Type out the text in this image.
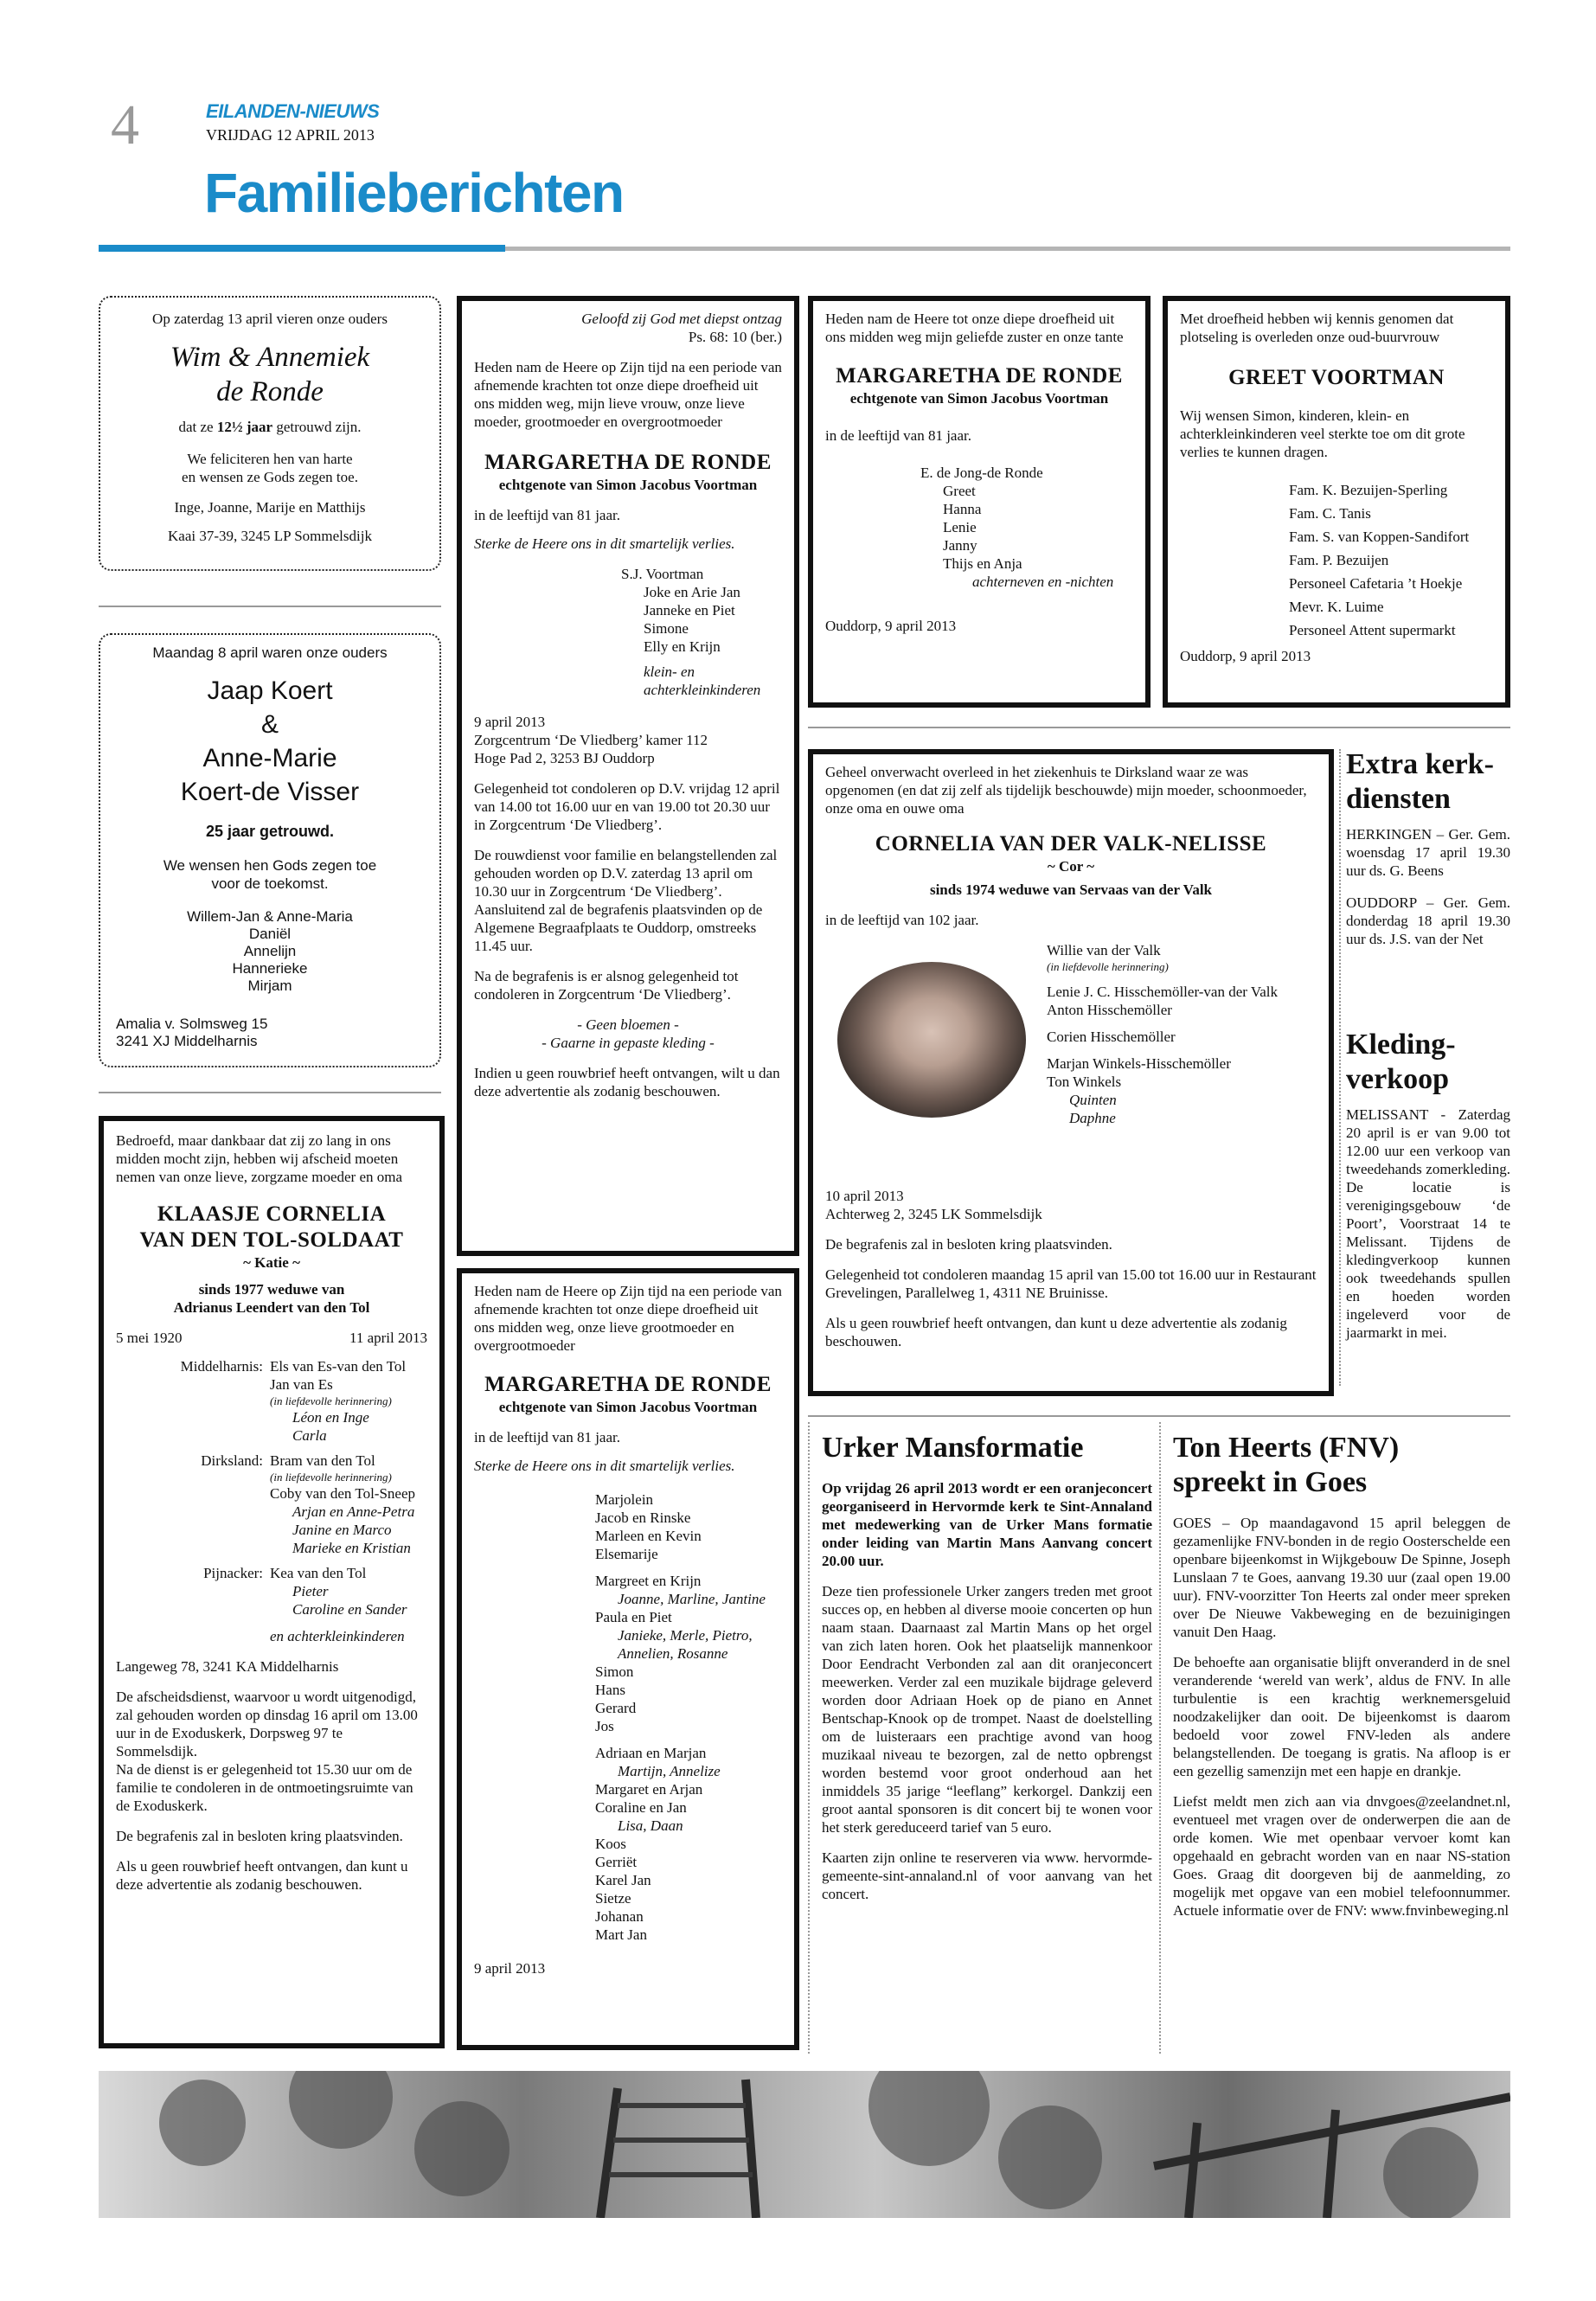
4	EILANDEN-NIEUWS
VRIJDAG 12 APRIL 2013
Familieberichten

Op zaterdag 13 april vieren onze ouders

Wim & Annemiek

de Ronde

dat ze 12½ jaar getrouwd zijn.

We feliciteren hen van harte

en wensen ze Gods zegen toe.

Inge, Joanne, Marije en Matthijs

Kaai 37-39, 3245 LP Sommelsdijk

Maandag 8 april waren onze ouders

Jaap Koert

&

Anne-Marie

Koert-de Visser

25 jaar getrouwd.

We wensen hen Gods zegen toe

voor de toekomst.

Willem-Jan & Anne-Maria

Daniël

Annelijn

Hannerieke

Mirjam

Amalia v. Solmsweg 15

3241 XJ Middelharnis

Bedroefd, maar dankbaar dat zij zo lang in ons midden mocht zijn, hebben wij afscheid moeten nemen van onze lieve, zorgzame moeder en oma

KLAASJE CORNELIA

VAN DEN TOL-SOLDAAT

~ Katie ~

sinds 1977 weduwe van

Adrianus Leendert van den Tol

5 mei 1920	11 april 2013
Middelharnis: Els van Es-van den Tol

Jan van Es

(in liefdevolle herinnering)

Léon en Inge

Carla

Dirksland: Bram van den Tol

(in liefdevolle herinnering)

Coby van den Tol-Sneep

Arjan en Anne-Petra

Janine en Marco

Marieke en Kristian

Pijnacker: Kea van den Tol

Pieter

Caroline en Sander

en achterkleinkinderen

Langeweg 78, 3241 KA Middelharnis

De afscheidsdienst, waarvoor u wordt uitgenodigd, zal gehouden worden op dinsdag 16 april om 13.00 uur in de Exoduskerk, Dorpsweg 97 te Sommelsdijk.

Na de dienst is er gelegenheid tot 15.30 uur om de familie te condoleren in de ontmoetingsruimte van de Exoduskerk.

De begrafenis zal in besloten kring plaatsvinden.

Als u geen rouwbrief heeft ontvangen, dan kunt u deze advertentie als zodanig beschouwen.

Geloofd zij God met diepst ontzag

Ps. 68: 10 (ber.)

Heden nam de Heere op Zijn tijd na een periode van afnemende krachten tot onze diepe droefheid uit ons midden weg, mijn lieve vrouw, onze lieve moeder, grootmoeder en overgrootmoeder

MARGARETHA DE RONDE

echtgenote van Simon Jacobus Voortman

in de leeftijd van 81 jaar.

Sterke de Heere ons in dit smartelijk verlies.

S.J. Voortman

Joke en Arie Jan

Janneke en Piet

Simone

Elly en Krijn

klein- en

achterkleinkinderen

9 april 2013

Zorgcentrum ‘De Vliedberg’ kamer 112

Hoge Pad 2, 3253 BJ Ouddorp

Gelegenheid tot condoleren op D.V. vrijdag 12 april van 14.00 tot 16.00 uur en van 19.00 tot 20.30 uur in Zorgcentrum ‘De Vliedberg’.

De rouwdienst voor familie en belangstellenden zal gehouden worden op D.V. zaterdag 13 april om 10.30 uur in Zorgcentrum ‘De Vliedberg’. Aansluitend zal de begrafenis plaatsvinden op de Algemene Begraafplaats te Ouddorp, omstreeks 11.45 uur.

Na de begrafenis is er alsnog gelegenheid tot condoleren in Zorgcentrum ‘De Vliedberg’.

- Geen bloemen -

- Gaarne in gepaste kleding -

Indien u geen rouwbrief heeft ontvangen, wilt u dan deze advertentie als zodanig beschouwen.

Heden nam de Heere op Zijn tijd na een periode van afnemende krachten tot onze diepe droefheid uit ons midden weg, onze lieve grootmoeder en overgrootmoeder

MARGARETHA DE RONDE

echtgenote van Simon Jacobus Voortman

in de leeftijd van 81 jaar.

Sterke de Heere ons in dit smartelijk verlies.

Marjolein

Jacob en Rinske

Marleen en Kevin

Elsemarije

Margreet en Krijn

Joanne, Marline, Jantine

Paula en Piet

Janieke, Merle, Pietro,

Annelien, Rosanne

Simon

Hans

Gerard

Jos

Adriaan en Marjan

Martijn, Annelize

Margaret en Arjan

Coraline en Jan

Lisa, Daan

Koos

Gerriët

Karel Jan

Sietze

Johanan

Mart Jan

9 april 2013

Heden nam de Heere tot onze diepe droefheid uit ons midden weg mijn geliefde zuster en onze tante

MARGARETHA DE RONDE

echtgenote van Simon Jacobus Voortman

in de leeftijd van 81 jaar.

E. de Jong-de Ronde

Greet

Hanna

Lenie

Janny

Thijs en Anja

achterneven en -nichten

Ouddorp, 9 april 2013

Met droefheid hebben wij kennis genomen dat plotseling is overleden onze oud-buurvrouw

GREET VOORTMAN

Wij wensen Simon, kinderen, klein- en achterkleinkinderen veel sterkte toe om dit grote verlies te kunnen dragen.

Fam. K. Bezuijen-Sperling

Fam. C. Tanis

Fam. S. van Koppen-Sandifort

Fam. P. Bezuijen

Personeel Cafetaria ’t Hoekje

Mevr. K. Luime

Personeel Attent supermarkt

Ouddorp, 9 april 2013

Geheel onverwacht overleed in het ziekenhuis te Dirksland waar ze was opgenomen (en dat zij zelf als tijdelijk beschouwde) mijn moeder, schoonmoeder, onze oma en ouwe oma

CORNELIA VAN DER VALK-NELISSE

~ Cor ~

sinds 1974 weduwe van Servaas van der Valk

in de leeftijd van 102 jaar.

Willie van der Valk

(in liefdevolle herinnering)

Lenie J. C. Hisschemöller-van der Valk

Anton Hisschemöller

Corien Hisschemöller

Marjan Winkels-Hisschemöller

Ton Winkels

Quinten

Daphne

10 april 2013

Achterweg 2, 3245 LK Sommelsdijk

De begrafenis zal in besloten kring plaatsvinden.

Gelegenheid tot condoleren maandag 15 april van 15.00 tot 16.00 uur in Restaurant Grevelingen, Parallelweg 1, 4311 NE Bruinisse.

Als u geen rouwbrief heeft ontvangen, dan kunt u deze advertentie als zodanig beschouwen.

Extra kerk-

diensten

HERKINGEN – Ger. Gem. woensdag 17 april 19.30 uur ds. G. Beens

OUDDORP – Ger. Gem. donderdag 18 april 19.30 uur ds. J.S. van der Net

Kleding-

verkoop

MELISSANT - Zaterdag 20 april is er van 9.00 tot 12.00 uur een verkoop van tweedehands zomerkleding. De locatie is verenigingsgebouw ‘de Poort’, Voorstraat 14 te Melissant. Tijdens de kledingverkoop kunnen ook tweedehands spullen en hoeden worden ingeleverd voor de jaarmarkt in mei.

Urker Mansformatie

Op vrijdag 26 april 2013 wordt er een oranjeconcert georganiseerd in Hervormde kerk te Sint-Annaland met medewerking van de Urker Mans formatie onder leiding van Martin Mans Aanvang concert 20.00 uur.

Deze tien professionele Urker zangers treden met groot succes op, en hebben al diverse mooie concerten op hun naam staan. Daarnaast zal Martin Mans op het orgel van zich laten horen. Ook het plaatselijk mannenkoor Door Eendracht Verbonden zal aan dit oranjeconcert meewerken. Verder zal een muzikale bijdrage geleverd worden door Adriaan Hoek op de piano en Annet Bentschap-Knook op de trompet. Naast de doelstelling om de luisteraars een prachtige avond van hoog muzikaal niveau te bezorgen, zal de netto opbrengst worden bestemd voor groot onderhoud aan het inmiddels 35 jarige “leeflang” kerkorgel. Dankzij een groot aantal sponsoren is dit concert bij te wonen voor het sterk gereduceerd tarief van 5 euro.

Kaarten zijn online te reserveren via www. hervormde-gemeente-sint-annaland.nl of voor aanvang van het concert.

Ton Heerts (FNV)

spreekt in Goes

GOES – Op maandagavond 15 april beleggen de gezamenlijke FNV-bonden in de regio Oosterschelde een openbare bijeenkomst in Wijkgebouw De Spinne, Joseph Lunslaan 7 te Goes, aanvang 19.30 uur (zaal open 19.00 uur). FNV-voorzitter Ton Heerts zal onder meer spreken over De Nieuwe Vakbeweging en de bezuinigingen vanuit Den Haag.

De behoefte aan organisatie blijft onveranderd in de snel veranderende ‘wereld van werk’, aldus de FNV. In alle turbulentie is een krachtig werknemersgeluid noodzakelijker dan ooit. De bijeenkomst is daarom bedoeld voor zowel FNV-leden als andere belangstellenden. De toegang is gratis. Na afloop is er een gezellig samenzijn met een hapje en drankje.

Liefst meldt men zich aan via dnvgoes@zeelandnet.nl, eventueel met vragen over de onderwerpen die aan de orde komen. Wie met openbaar vervoer komt kan opgehaald en gebracht worden van en naar NS-station Goes. Graag dit doorgeven bij de aanmelding, zo mogelijk met opgave van een mobiel telefoonnummer. Actuele informatie over de FNV: www.fnvinbeweging.nl
